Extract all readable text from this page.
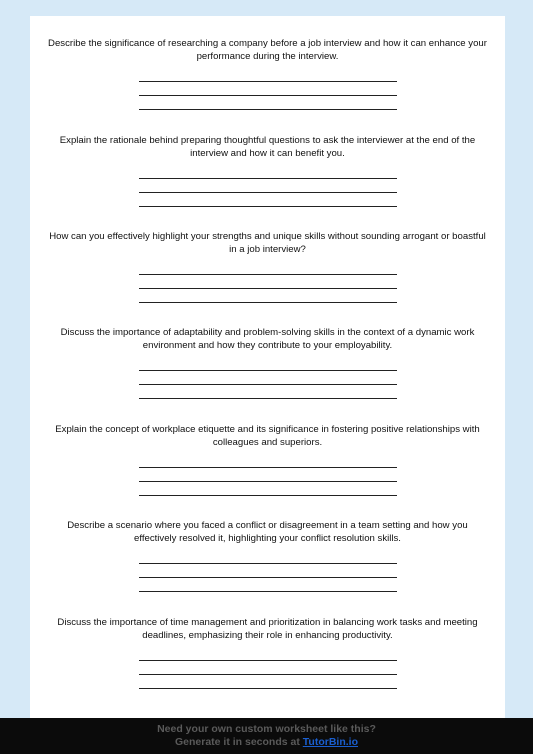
Describe the significance of researching a company before a job interview and how it can enhance your performance during the interview.
Explain the rationale behind preparing thoughtful questions to ask the interviewer at the end of the interview and how it can benefit you.
How can you effectively highlight your strengths and unique skills without sounding arrogant or boastful in a job interview?
Discuss the importance of adaptability and problem-solving skills in the context of a dynamic work environment and how they contribute to your employability.
Explain the concept of workplace etiquette and its significance in fostering positive relationships with colleagues and superiors.
Describe a scenario where you faced a conflict or disagreement in a team setting and how you effectively resolved it, highlighting your conflict resolution skills.
Discuss the importance of time management and prioritization in balancing work tasks and meeting deadlines, emphasizing their role in enhancing productivity.
Need your own custom worksheet like this?
Generate it in seconds at TutorBin.io
